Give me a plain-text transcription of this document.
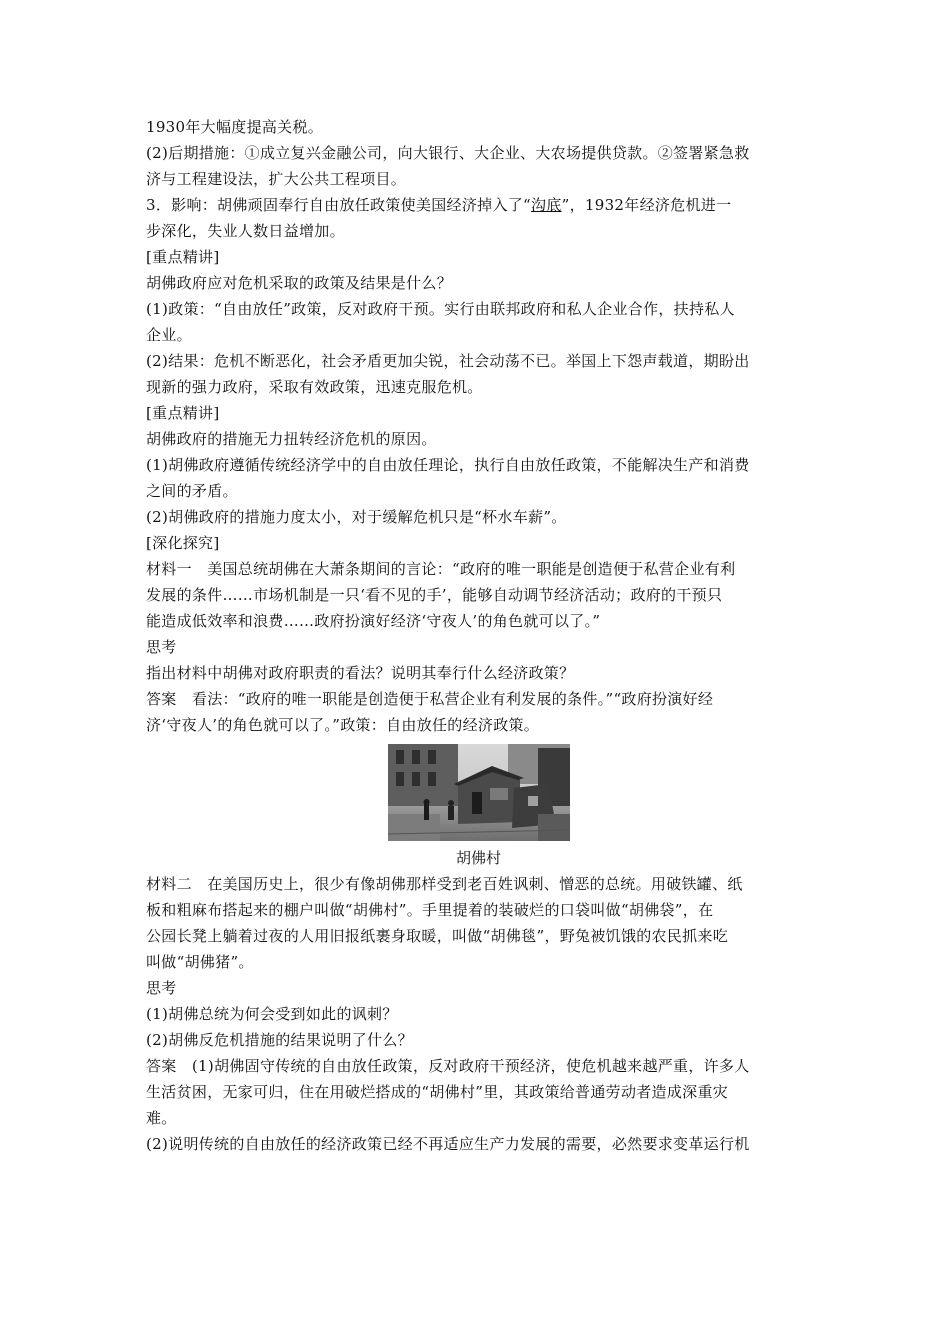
1930年大幅度提高关税。
(2)后期措施：①成立复兴金融公司，向大银行、大企业、大农场提供贷款。②签署紧急救
济与工程建设法，扩大公共工程项目。
3．影响：胡佛顽固奉行自由放任政策使美国经济掉入了“沟底”，1932年经济危机进一
步深化，失业人数日益增加。
[重点精讲]
胡佛政府应对危机采取的政策及结果是什么？
(1)政策：“自由放任”政策，反对政府干预。实行由联邦政府和私人企业合作，扶持私人
企业。
(2)结果：危机不断恶化，社会矛盾更加尖锐，社会动荡不已。举国上下怨声载道，期盼出
现新的强力政府，采取有效政策，迅速克服危机。
[重点精讲]
胡佛政府的措施无力扭转经济危机的原因。
(1)胡佛政府遵循传统经济学中的自由放任理论，执行自由放任政策，不能解决生产和消费
之间的矛盾。
(2)胡佛政府的措施力度太小，对于缓解危机只是“杯水车薪”。
[深化探究]
材料一　美国总统胡佛在大萧条期间的言论：“政府的唯一职能是创造便于私营企业有利
发展的条件……市场机制是一只‘看不见的手’，能够自动调节经济活动；政府的干预只
能造成低效率和浪费……政府扮演好经济‘守夜人’的角色就可以了。”
思考
指出材料中胡佛对政府职责的看法？说明其奉行什么经济政策？
答案　看法：“政府的唯一职能是创造便于私营企业有利发展的条件。”“政府扮演好经
济‘守夜人’的角色就可以了。”政策：自由放任的经济政策。
胡佛村
材料二　在美国历史上，很少有像胡佛那样受到老百姓讽刺、憎恶的总统。用破铁罐、纸
板和粗麻布搭起来的棚户叫做“胡佛村”。手里提着的装破烂的口袋叫做“胡佛袋”，在
公园长凳上躺着过夜的人用旧报纸裹身取暖，叫做“胡佛毯”，野兔被饥饿的农民抓来吃
叫做“胡佛猪”。
思考
(1)胡佛总统为何会受到如此的讽刺？
(2)胡佛反危机措施的结果说明了什么？
答案　(1)胡佛固守传统的自由放任政策，反对政府干预经济，使危机越来越严重，许多人
生活贫困，无家可归，住在用破烂搭成的“胡佛村”里，其政策给普通劳动者造成深重灾
难。
(2)说明传统的自由放任的经济政策已经不再适应生产力发展的需要，必然要求变革运行机
